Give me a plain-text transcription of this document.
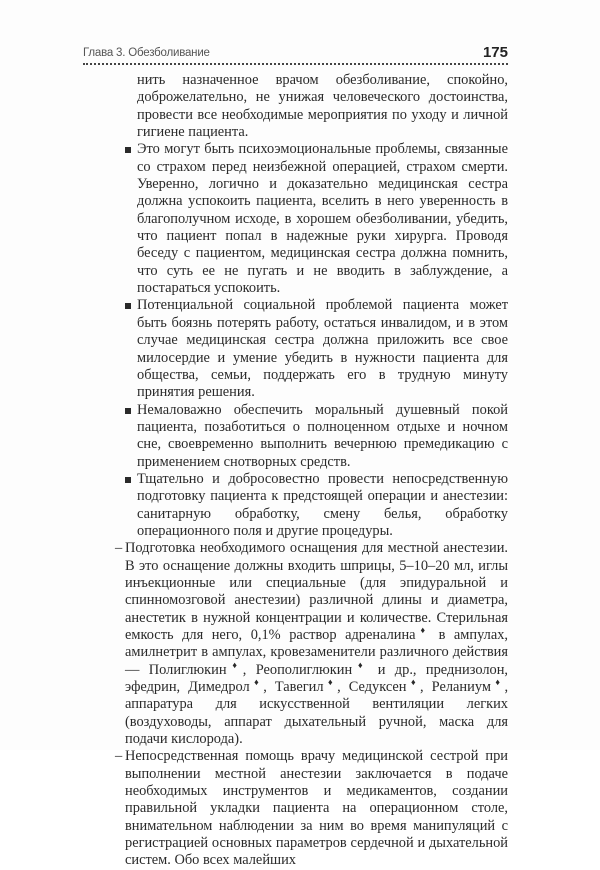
Глава 3. Обезболивание	175

нить назначенное врачом обезболивание, спокойно, доброжелательно, не унижая человеческого достоинства, провести все необходимые мероприятия по уходу и личной гигиене пациента.

Это могут быть психоэмоциональные проблемы, связанные со страхом перед неизбежной операцией, страхом смерти. Уверенно, логично и доказательно медицинская сестра должна успокоить пациента, вселить в него уверенность в благополучном исходе, в хорошем обезболивании, убедить, что пациент попал в надежные руки хирурга. Проводя беседу с пациентом, медицинская сестра должна помнить, что суть ее не пугать и не вводить в заблуждение, а постараться успокоить.
Потенциальной социальной проблемой пациента может быть боязнь потерять работу, остаться инвалидом, и в этом случае медицинская сестра должна приложить все свое милосердие и умение убедить в нужности пациента для общества, семьи, поддержать его в трудную минуту принятия решения.
Немаловажно обеспечить моральный душевный покой пациента, позаботиться о полноценном отдыхе и ночном сне, своевременно выполнить вечернюю премедикацию с применением снотворных средств.
Тщательно и добросовестно провести непосредственную подготовку пациента к предстоящей операции и анестезии: санитарную обработку, смену белья, обработку операционного поля и другие процедуры.
– Подготовка необходимого оснащения для местной анестезии. В это оснащение должны входить шприцы, 5–10–20 мл, иглы инъекционные или специальные (для эпидуральной и спинномозговой анестезии) различной длины и диаметра, анестетик в нужной концентрации и количестве. Стерильная емкость для него, 0,1% раствор адреналина♦ в ампулах, амилнетрит в ампулах, кровезаменители различного действия — Полиглюкин♦, Реополиглюкин♦ и др., преднизолон, эфедрин, Димедрол♦, Тавегил♦, Седуксен♦, Реланиум♦, аппаратура для искусственной вентиляции легких (воздуховоды, аппарат дыхательный ручной, маска для подачи кислорода).
– Непосредственная помощь врачу медицинской сестрой при выполнении местной анестезии заключается в подаче необходимых инструментов и медикаментов, создании правильной укладки пациента на операционном столе, внимательном наблюдении за ним во время манипуляций с регистрацией основных параметров сердечной и дыхательной систем. Обо всех малейших
